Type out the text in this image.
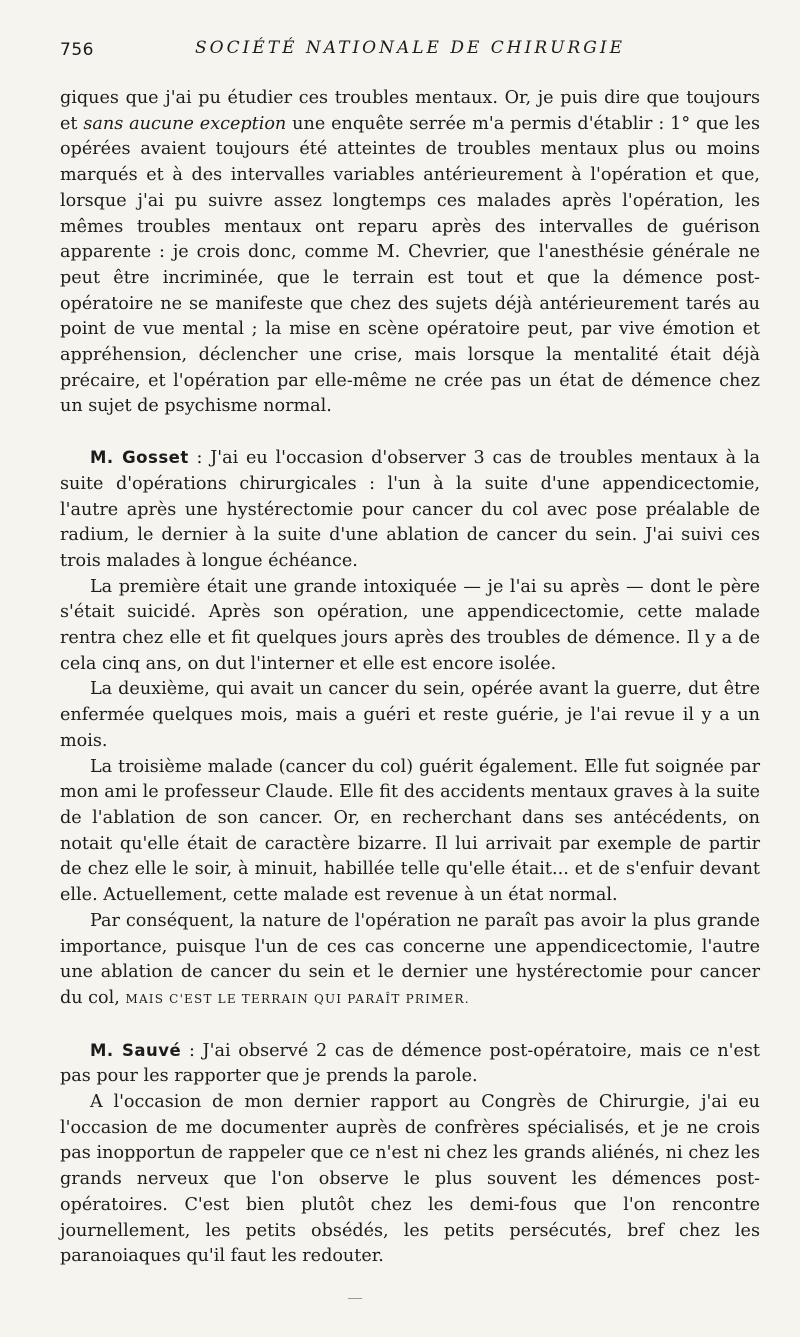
756	SOCIÉTÉ NATIONALE DE CHIRURGIE

giques que j'ai pu étudier ces troubles mentaux. Or, je puis dire que toujours et sans aucune exception une enquête serrée m'a permis d'établir : 1° que les opérées avaient toujours été atteintes de troubles mentaux plus ou moins marqués et à des intervalles variables antérieurement à l'opération et que, lorsque j'ai pu suivre assez longtemps ces malades après l'opération, les mêmes troubles mentaux ont reparu après des intervalles de guérison apparente : je crois donc, comme M. Chevrier, que l'anesthésie générale ne peut être incriminée, que le terrain est tout et que la démence post-opératoire ne se manifeste que chez des sujets déjà antérieurement tarés au point de vue mental ; la mise en scène opératoire peut, par vive émotion et appréhension, déclencher une crise, mais lorsque la mentalité était déjà précaire, et l'opération par elle-même ne crée pas un état de démence chez un sujet de psychisme normal.

M. Gosset : J'ai eu l'occasion d'observer 3 cas de troubles mentaux à la suite d'opérations chirurgicales : l'un à la suite d'une appendicectomie, l'autre après une hystérectomie pour cancer du col avec pose préalable de radium, le dernier à la suite d'une ablation de cancer du sein. J'ai suivi ces trois malades à longue échéance.

La première était une grande intoxiquée — je l'ai su après — dont le père s'était suicidé. Après son opération, une appendicectomie, cette malade rentra chez elle et fit quelques jours après des troubles de démence. Il y a de cela cinq ans, on dut l'interner et elle est encore isolée.

La deuxième, qui avait un cancer du sein, opérée avant la guerre, dut être enfermée quelques mois, mais a guéri et reste guérie, je l'ai revue il y a un mois.

La troisième malade (cancer du col) guérit également. Elle fut soignée par mon ami le professeur Claude. Elle fit des accidents mentaux graves à la suite de l'ablation de son cancer. Or, en recherchant dans ses antécédents, on notait qu'elle était de caractère bizarre. Il lui arrivait par exemple de partir de chez elle le soir, à minuit, habillée telle qu'elle était... et de s'enfuir devant elle. Actuellement, cette malade est revenue à un état normal.

Par conséquent, la nature de l'opération ne paraît pas avoir la plus grande importance, puisque l'un de ces cas concerne une appendicectomie, l'autre une ablation de cancer du sein et le dernier une hystérectomie pour cancer du col, MAIS C'EST LE TERRAIN QUI PARAÎT PRIMER.

M. Sauvé : J'ai observé 2 cas de démence post-opératoire, mais ce n'est pas pour les rapporter que je prends la parole.

A l'occasion de mon dernier rapport au Congrès de Chirurgie, j'ai eu l'occasion de me documenter auprès de confrères spécialisés, et je ne crois pas inopportun de rappeler que ce n'est ni chez les grands aliénés, ni chez les grands nerveux que l'on observe le plus souvent les démences post-opératoires. C'est bien plutôt chez les demi-fous que l'on rencontre journellement, les petits obsédés, les petits persécutés, bref chez les paranoiaques qu'il faut les redouter.
